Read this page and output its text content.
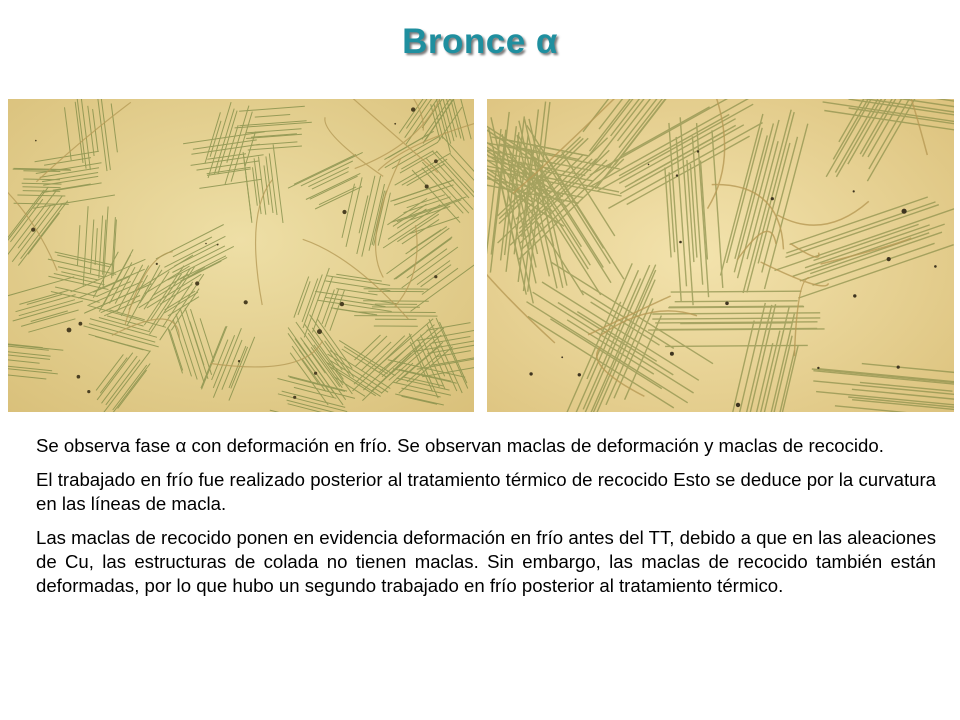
Bronce α

Se observa fase α con deformación en frío. Se observan maclas de deformación y maclas de recocido.

El trabajado en frío fue realizado posterior al tratamiento térmico de recocido Esto se deduce por la curvatura en las líneas de macla.

Las maclas de recocido ponen en evidencia deformación en frío antes del TT, debido a que en las aleaciones de Cu, las estructuras de colada no tienen maclas. Sin embargo, las maclas de recocido también están deformadas, por lo que hubo un segundo trabajado en frío posterior al tratamiento térmico.
